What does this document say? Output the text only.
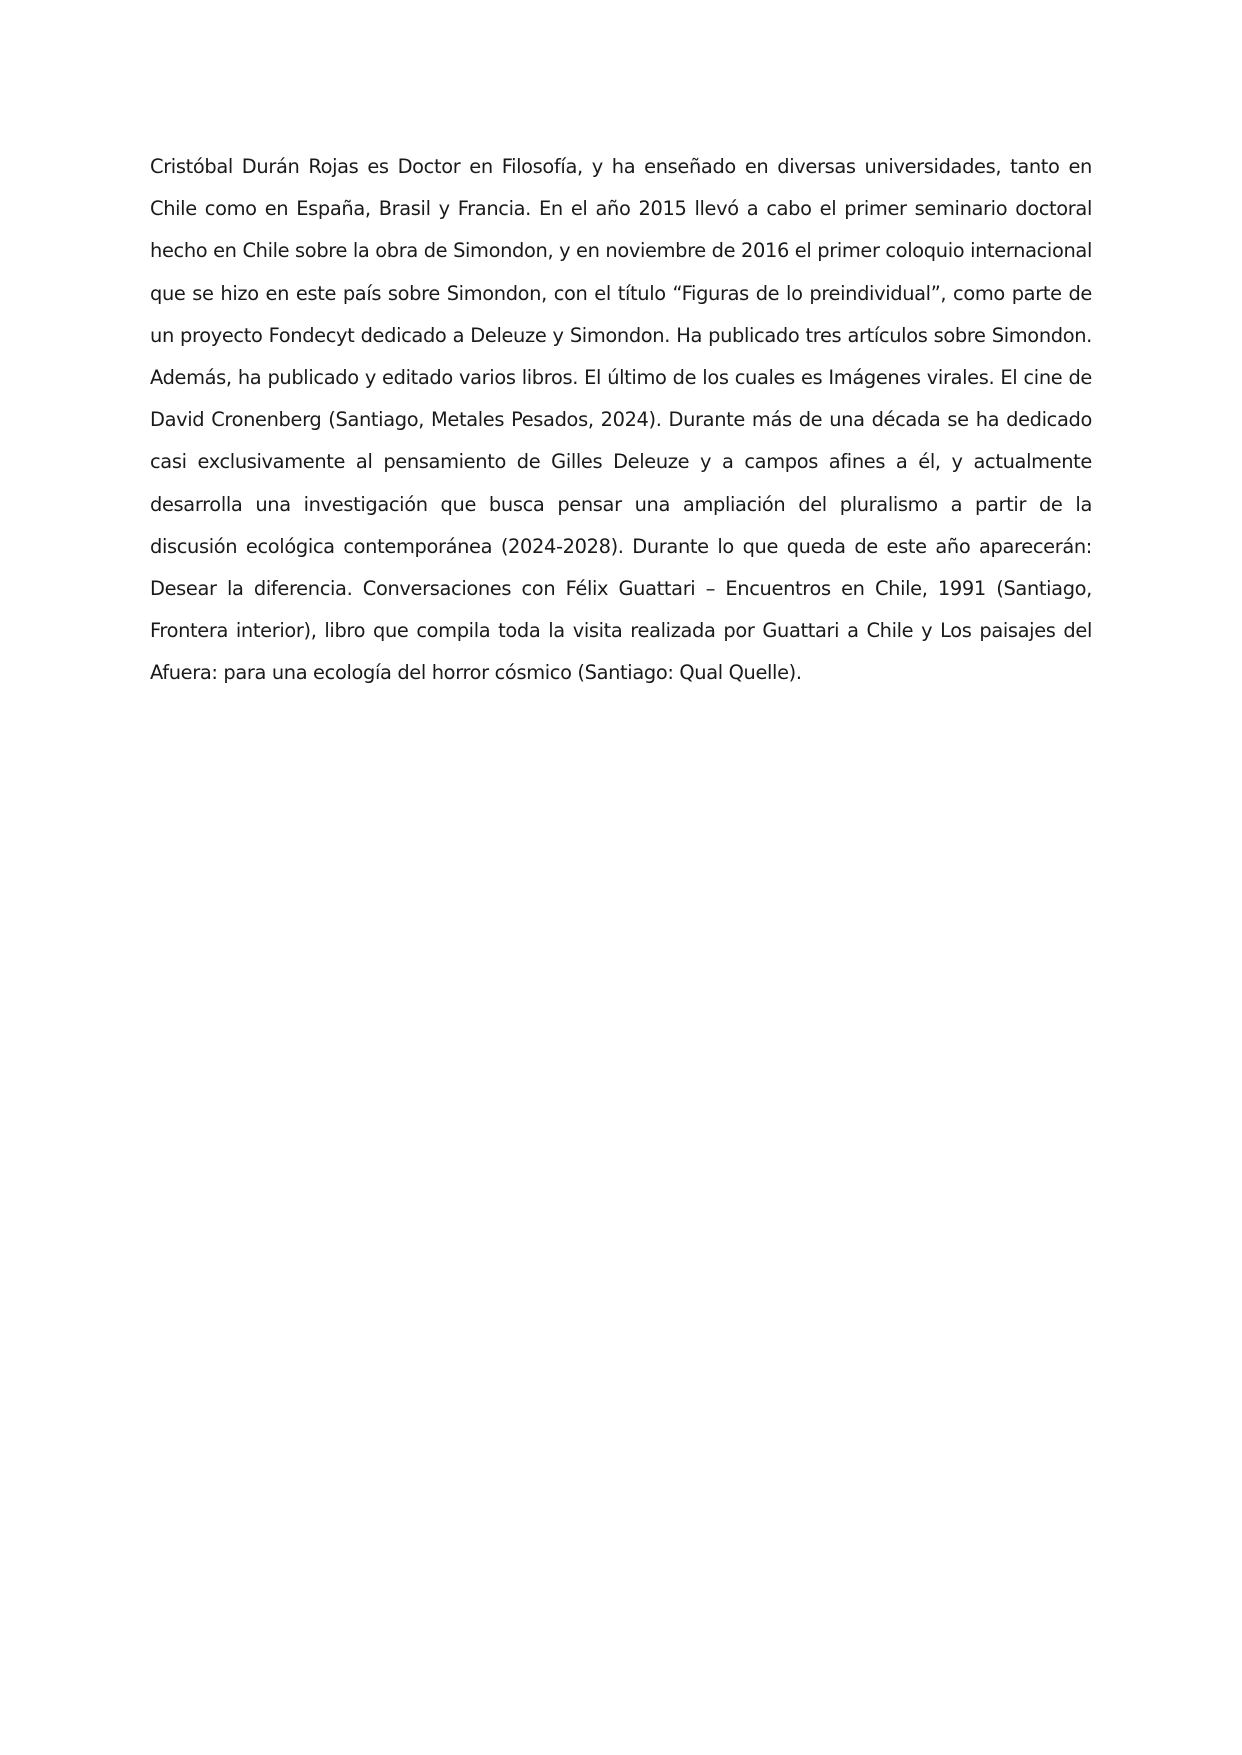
Cristóbal Durán Rojas es Doctor en Filosofía, y ha enseñado en diversas universidades, tanto en Chile como en España, Brasil y Francia. En el año 2015 llevó a cabo el primer seminario doctoral hecho en Chile sobre la obra de Simondon, y en noviembre de 2016 el primer coloquio internacional que se hizo en este país sobre Simondon, con el título “Figuras de lo preindividual”, como parte de un proyecto Fondecyt dedicado a Deleuze y Simondon. Ha publicado tres artículos sobre Simondon. Además, ha publicado y editado varios libros. El último de los cuales es Imágenes virales. El cine de David Cronenberg (Santiago, Metales Pesados, 2024). Durante más de una década se ha dedicado casi exclusivamente al pensamiento de Gilles Deleuze y a campos afines a él, y actualmente desarrolla una investigación que busca pensar una ampliación del pluralismo a partir de la discusión ecológica contemporánea (2024-2028). Durante lo que queda de este año aparecerán: Desear la diferencia. Conversaciones con Félix Guattari – Encuentros en Chile, 1991 (Santiago, Frontera interior), libro que compila toda la visita realizada por Guattari a Chile y Los paisajes del Afuera: para una ecología del horror cósmico (Santiago: Qual Quelle).
